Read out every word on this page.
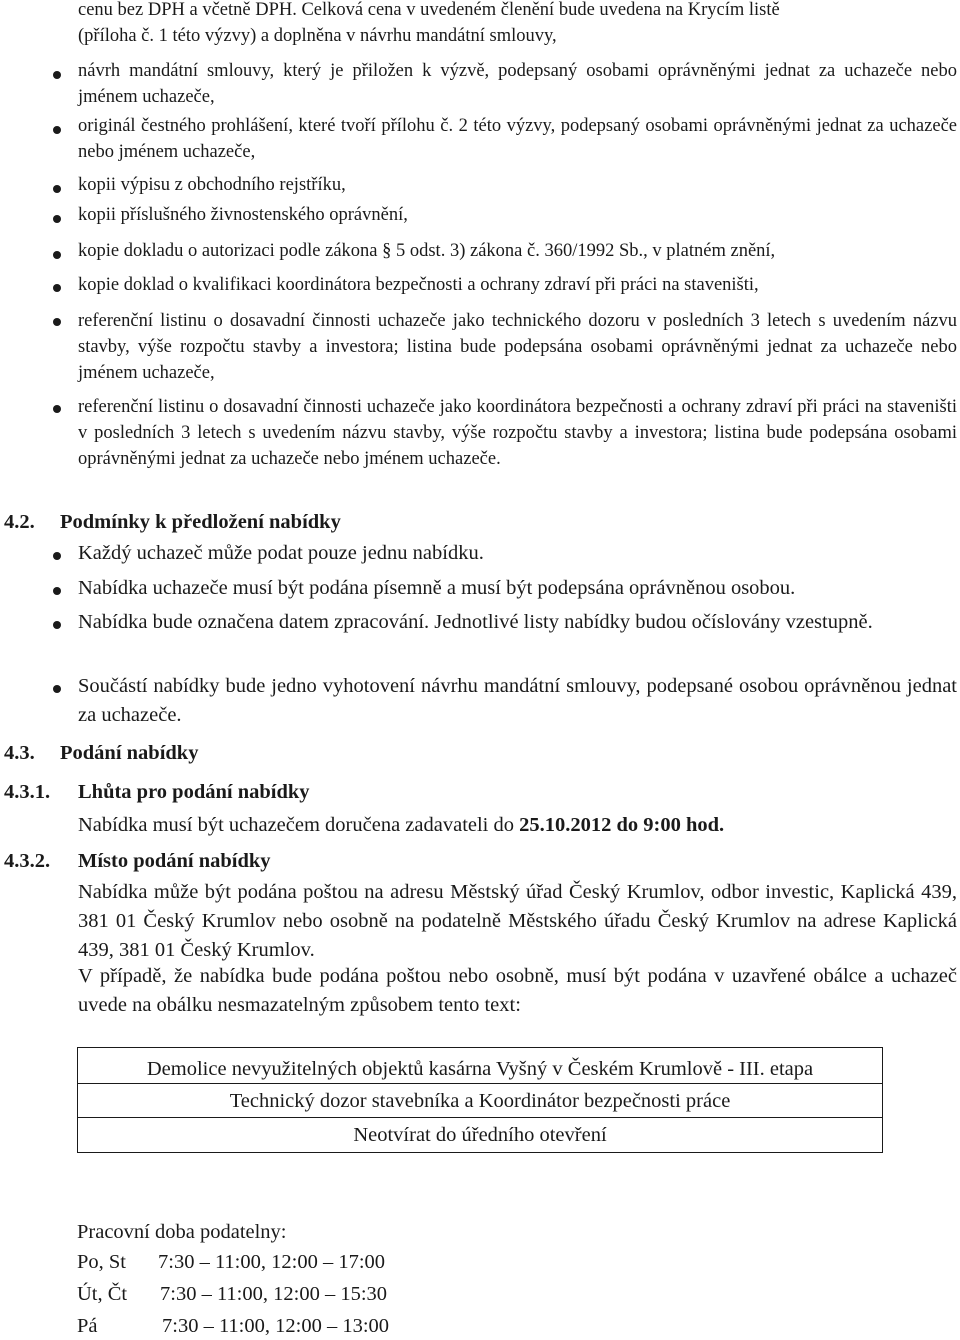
cenu bez DPH a včetně DPH. Celková cena v uvedeném členění bude uvedena na Krycím listě
(příloha č. 1 této výzvy) a doplněna v návrhu mandátní smlouvy,
návrh mandátní smlouvy, který je přiložen k výzvě, podepsaný osobami oprávněnými jednat za uchazeče nebo jménem uchazeče,
originál čestného prohlášení, které tvoří přílohu č. 2 této výzvy, podepsaný osobami oprávněnými jednat za uchazeče nebo jménem uchazeče,
kopii výpisu z obchodního rejstříku,
kopii příslušného živnostenského oprávnění,
kopie dokladu o autorizaci podle zákona § 5 odst. 3) zákona č. 360/1992 Sb., v platném znění,
kopie doklad o kvalifikaci koordinátora bezpečnosti a ochrany zdraví při práci na staveništi,
referenční listinu o dosavadní činnosti uchazeče jako technického dozoru v posledních 3 letech s uvedením názvu stavby, výše rozpočtu stavby a investora; listina bude podepsána osobami oprávněnými jednat za uchazeče nebo jménem uchazeče,
referenční listinu o dosavadní činnosti uchazeče jako koordinátora bezpečnosti a ochrany zdraví při práci na staveništi v posledních 3 letech s uvedením názvu stavby, výše rozpočtu stavby a investora; listina bude podepsána osobami oprávněnými jednat za uchazeče nebo jménem uchazeče.
4.2. Podmínky k předložení nabídky
Každý uchazeč může podat pouze jednu nabídku.
Nabídka uchazeče musí být podána písemně a musí být podepsána oprávněnou osobou.
Nabídka bude označena datem zpracování. Jednotlivé listy nabídky budou očíslovány vzestupně.
Součástí nabídky bude jedno vyhotovení návrhu mandátní smlouvy, podepsané osobou oprávněnou jednat za uchazeče.
4.3. Podání nabídky
4.3.1. Lhůta pro podání nabídky
Nabídka musí být uchazečem doručena zadavateli do 25.10.2012 do 9:00 hod.
4.3.2. Místo podání nabídky
Nabídka může být podána poštou na adresu Městský úřad Český Krumlov, odbor investic, Kaplická 439, 381 01 Český Krumlov nebo osobně na podatelně Městského úřadu Český Krumlov na adrese Kaplická 439, 381 01 Český Krumlov.
V případě, že nabídka bude podána poštou nebo osobně, musí být podána v uzavřené obálce a uchazeč uvede na obálku nesmazatelným způsobem tento text:
Demolice nevyužitelných objektů kasárna Vyšný v Českém Krumlově - III. etapa
Technický dozor stavebníka a Koordinátor bezpečnosti práce
Neotvírat do úředního otevření
Pracovní doba podatelny:
Po, St 7:30 – 11:00, 12:00 – 17:00
Út, Čt 7:30 – 11:00, 12:00 – 15:30
Pá	7:30 – 11:00, 12:00 – 13:00
